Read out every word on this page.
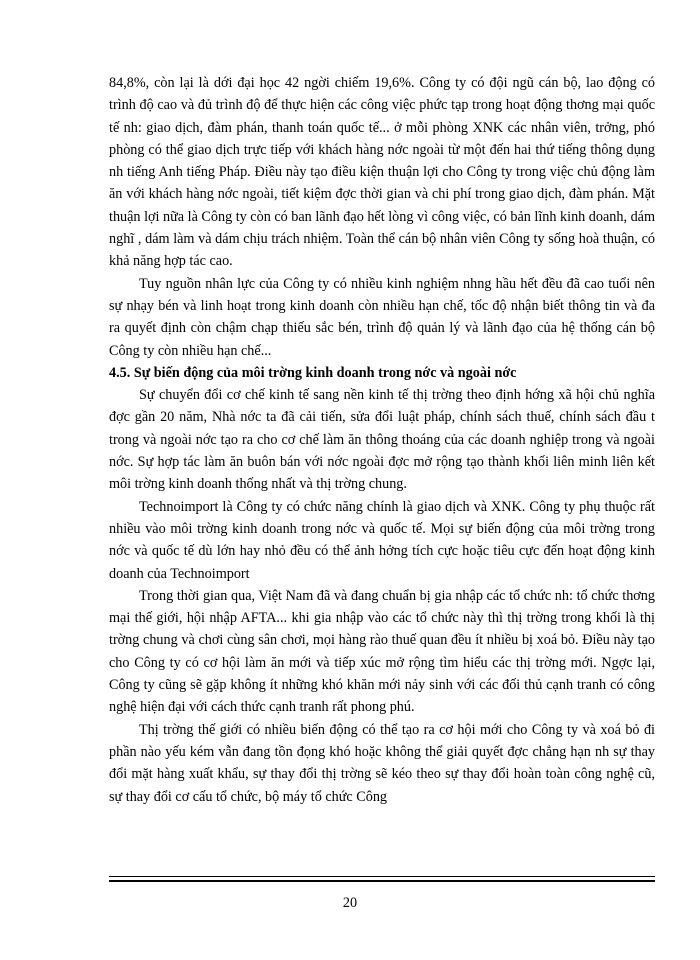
84,8%, còn lại là dới đại học 42 ngời chiếm 19,6%. Công ty có đội ngũ cán bộ, lao động có trình độ cao và đủ trình độ để thực hiện các công việc phức tạp trong hoạt động thơng mại quốc tế nh: giao dịch, đàm phán, thanh toán quốc tế... ở mỗi phòng XNK các nhân viên, trởng, phó phòng có thể giao dịch trực tiếp với khách hàng nớc ngoài từ một đến hai thứ tiếng thông dụng nh tiếng Anh tiếng Pháp. Điều này tạo điều kiện thuận lợi cho Công ty trong việc chủ động làm ăn với khách hàng nớc ngoài, tiết kiệm đợc thời gian và chi phí trong giao dịch, đàm phán. Mặt thuận lợi nữa là Công ty còn có ban lãnh đạo hết lòng vì công việc, có bản lĩnh kinh doanh, dám nghĩ , dám làm và dám chịu trách nhiệm. Toàn thể cán bộ nhân viên Công ty sống hoà thuận, có khả năng hợp tác cao.

Tuy nguồn nhân lực của Công ty có nhiều kinh nghiệm nhng hầu hết đều đã cao tuổi nên sự nhạy bén và linh hoạt trong kinh doanh còn nhiều hạn chế, tốc độ nhận biết thông tin và đa ra quyết định còn chậm chạp thiếu sắc bén, trình độ quản lý và lãnh đạo của hệ thống cán bộ Công ty còn nhiều hạn chế...

4.5. Sự biến động của môi trờng kinh doanh trong nớc và ngoài nớc

Sự chuyển đổi cơ chế kinh tế sang nền kinh tế thị trờng theo định hớng xã hội chủ nghĩa đợc gần 20 năm, Nhà nớc ta đã cải tiến, sửa đổi luật pháp, chính sách thuế, chính sách đầu t trong và ngoài nớc tạo ra cho cơ chế làm ăn thông thoáng của các doanh nghiệp trong và ngoài nớc. Sự hợp tác làm ăn buôn bán với nớc ngoài đợc mở rộng tạo thành khối liên minh liên kết môi trờng kinh doanh thống nhất và thị trờng chung.

Technoimport là Công ty có chức năng chính là giao dịch và XNK. Công ty phụ thuộc rất nhiều vào môi trờng kinh doanh trong nớc và quốc tế. Mọi sự biến động của môi trờng trong nớc và quốc tế dù lớn hay nhỏ đều có thể ảnh hởng tích cực hoặc tiêu cực đến hoạt động kinh doanh của Technoimport

Trong thời gian qua, Việt Nam đã và đang chuẩn bị gia nhập các tổ chức nh: tổ chức thơng mại thế giới, hội nhập AFTA... khi gia nhập vào các tổ chức này thì thị trờng trong khối là thị trờng chung và chơi cùng sân chơi, mọi hàng rào thuế quan đều ít nhiều bị xoá bỏ. Điều này tạo cho Công ty có cơ hội làm ăn mới và tiếp xúc mở rộng tìm hiểu các thị trờng mới. Ngợc lại, Công ty cũng sẽ gặp không ít những khó khăn mới nảy sinh với các đối thủ cạnh tranh có công nghệ hiện đại với cách thức cạnh tranh rất phong phú.

Thị trờng thế giới có nhiều biến động có thể tạo ra cơ hội mới cho Công ty và xoá bỏ đi phần nào yếu kém vẫn đang tồn đọng khó hoặc không thể giải quyết đợc chẳng hạn nh sự thay đổi mặt hàng xuất khẩu, sự thay đổi thị trờng sẽ kéo theo sự thay đổi hoàn toàn công nghệ cũ, sự thay đổi cơ cấu tổ chức, bộ máy tổ chức Công

20
